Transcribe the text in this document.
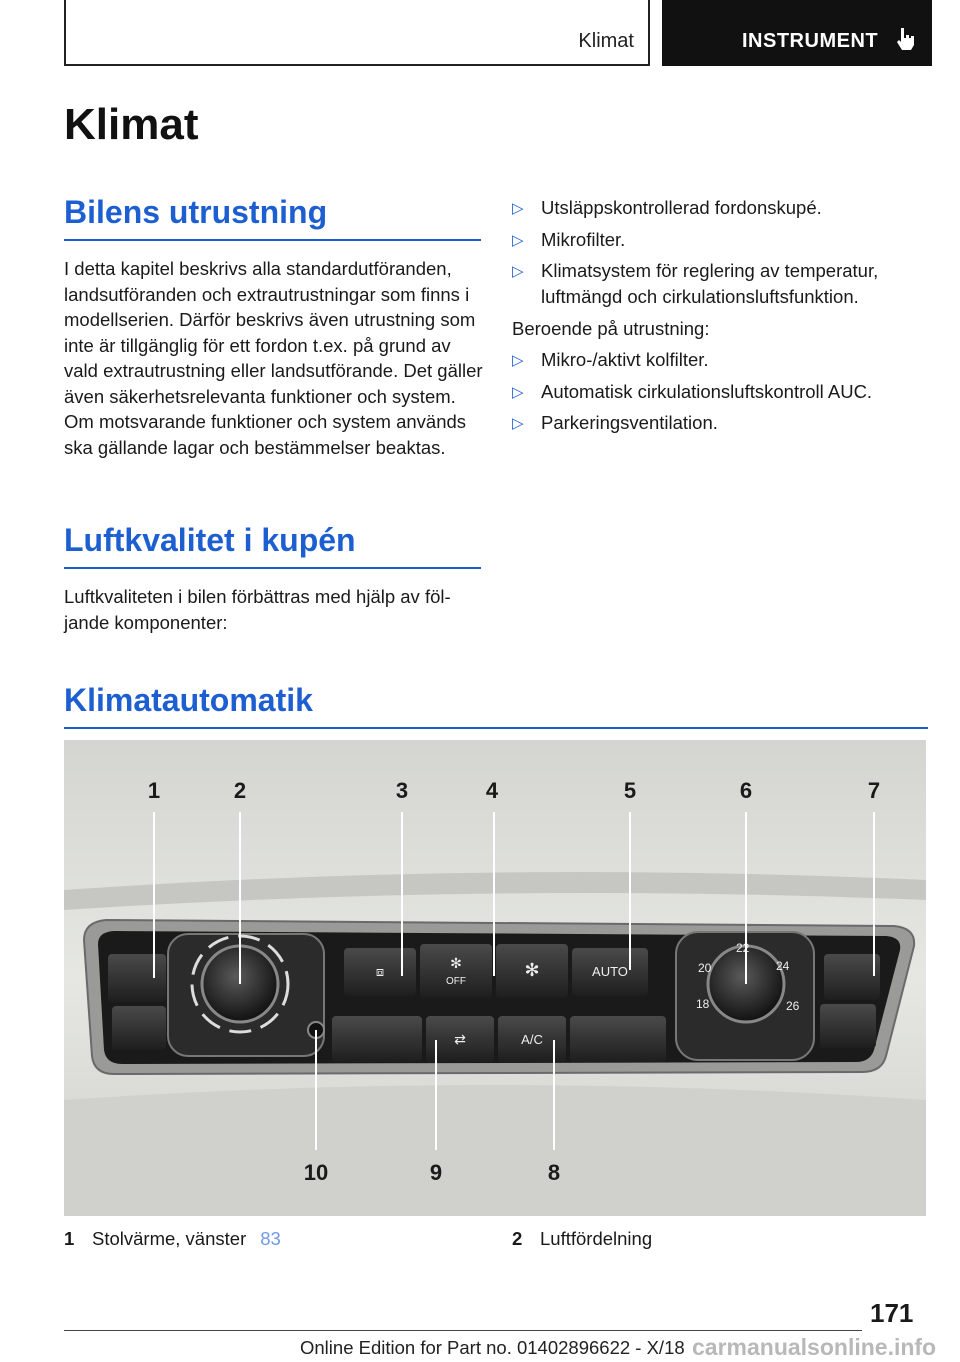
Klimat	INSTRUMENT
Klimat
Bilens utrustning

I detta kapitel beskrivs alla standardutföranden, landsutföranden och extrautrustningar som finns i modellserien. Därför beskrivs även utrustning som inte är tillgänglig för ett fordon t.ex. på grund av vald extrautrustning eller landsutförande. Det gäller även säkerhetsrelevanta funktioner och system. Om motsvarande funktioner och system används ska gällande lagar och bestämmelser beaktas.

Luftkvalitet i kupén

Luftkvaliteten i bilen förbättras med hjälp av följande komponenter:

▷ Utsläppskontrollerad fordonskupé.
▷ Mikrofilter.
▷ Klimatsystem för reglering av temperatur, luftmängd och cirkulationsluftsfunktion.

Beroende på utrustning:

▷ Mikro-/aktivt kolfilter.
▷ Automatisk cirkulationsluftskontroll AUC.
▷ Parkeringsventilation.
Klimatautomatik
✻
OFF
✻	AUTO
⧈
⇄	A/C
18
20
22
24
26
1	2	3	4	5	6	7
10	9	8
1 Stolvärme, vänster 83	2 Luftfördelning
171
Online Edition for Part no. 01402896622 - X/18 carmanualsonline.info
